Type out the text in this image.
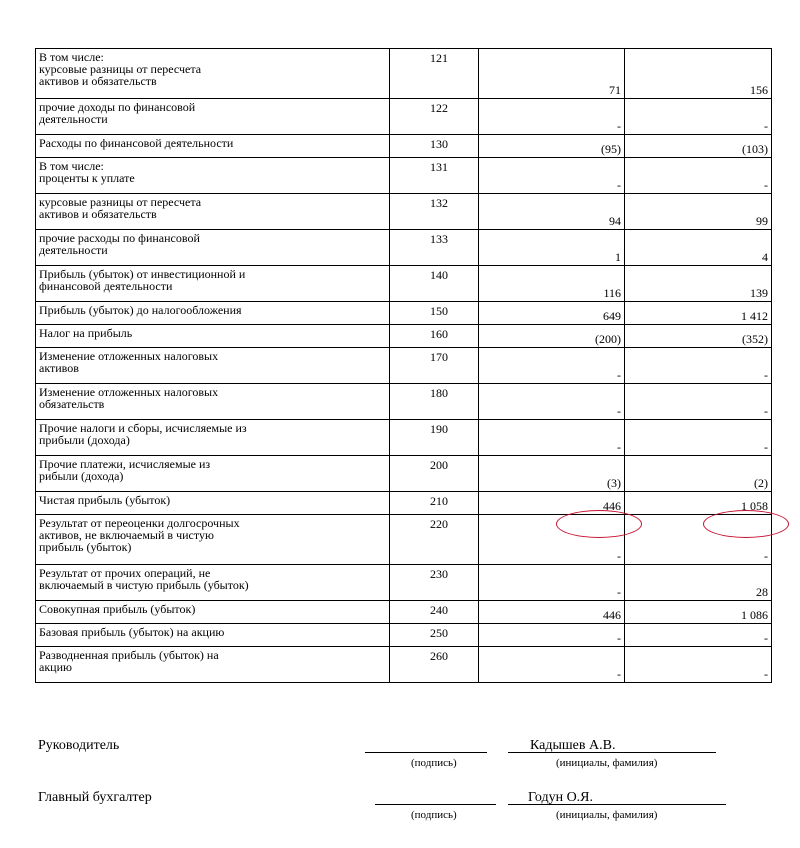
В том числе:
курсовые разницы от пересчета
активов и обязательств	121	71	156
прочие доходы по финансовой
деятельности	122	-	-
Расходы по финансовой деятельности	130	(95)	(103)
В том числе:
проценты к уплате	131	-	-
курсовые разницы от пересчета
активов и обязательств	132	94	99
прочие расходы по финансовой
деятельности	133	1	4
Прибыль (убыток) от инвестиционной и
финансовой деятельности	140	116	139
Прибыль (убыток) до налогообложения	150	649	1 412
Налог на прибыль	160	(200)	(352)
Изменение отложенных налоговых
активов	170	-	-
Изменение отложенных налоговых
обязательств	180	-	-
Прочие налоги и сборы, исчисляемые из
прибыли (дохода)	190	-	-
Прочие платежи, исчисляемые из
рибыли (дохода)	200	(3)	(2)
Чистая прибыль (убыток)	210	446	1 058
Результат от переоценки долгосрочных
активов, не включаемый в чистую
прибыль (убыток)	220	-	-
Результат от прочих операций, не
включаемый в чистую прибыль (убыток)	230	-	28
Совокупная прибыль (убыток)	240	446	1 086
Базовая прибыль (убыток) на акцию	250	-	-
Разводненная прибыль (убыток) на
акцию	260	-	-
Руководитель	Кадышев А.В.
(подпись)	(инициалы, фамилия)
Главный бухгалтер	Годун О.Я.
(подпись)	(инициалы, фамилия)
